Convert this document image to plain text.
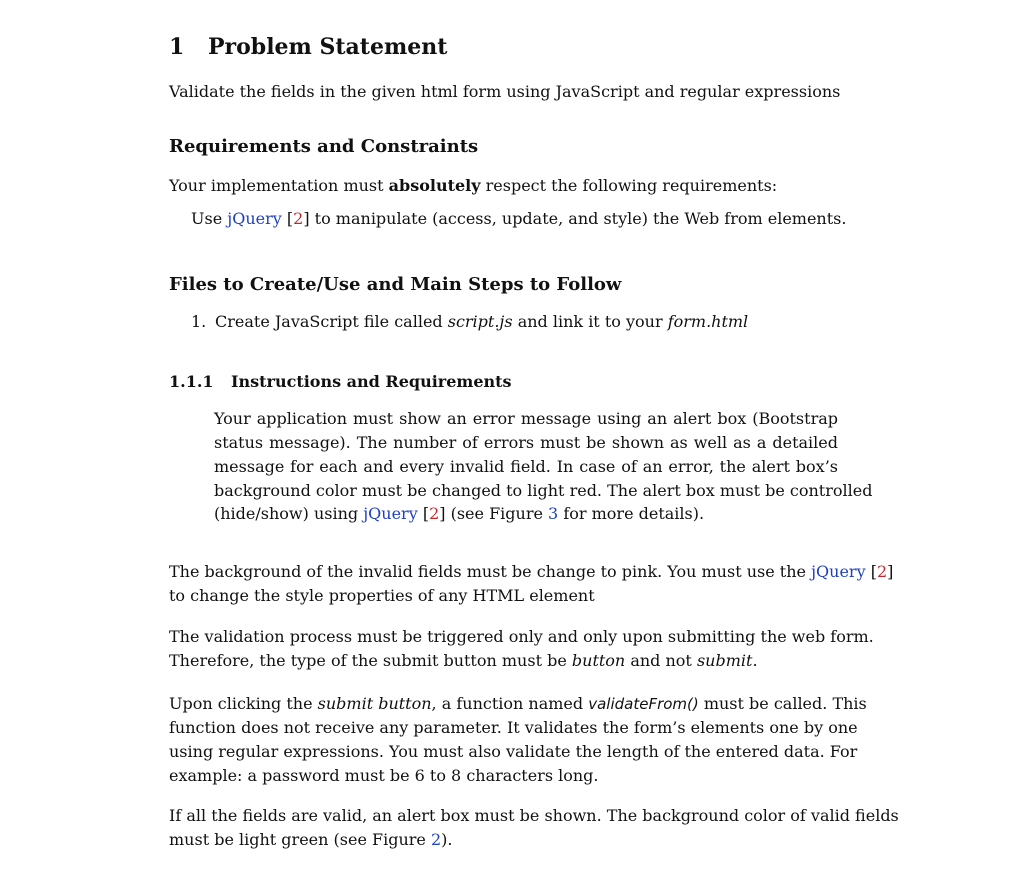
1 Problem Statement
Validate the fields in the given html form using JavaScript and regular expressions
Requirements and Constraints
Your implementation must absolutely respect the following requirements:
Use jQuery [2] to manipulate (access, update, and style) the Web from elements.
Files to Create/Use and Main Steps to Follow
1. Create JavaScript file called script.js and link it to your form.html
1.1.1 Instructions and Requirements
Your application must show an error message using an alert box (Bootstrap
status message). The number of errors must be shown as well as a detailed
message for each and every invalid field. In case of an error, the alert box’s
background color must be changed to light red. The alert box must be controlled
(hide/show) using jQuery [2] (see Figure 3 for more details).
The background of the invalid fields must be change to pink. You must use the jQuery [2]
to change the style properties of any HTML element
The validation process must be triggered only and only upon submitting the web form.
Therefore, the type of the submit button must be button and not submit.
Upon clicking the submit button, a function named validateFrom() must be called. This
function does not receive any parameter. It validates the form’s elements one by one
using regular expressions. You must also validate the length of the entered data. For
example: a password must be 6 to 8 characters long.
If all the fields are valid, an alert box must be shown. The background color of valid fields
must be light green (see Figure 2).
